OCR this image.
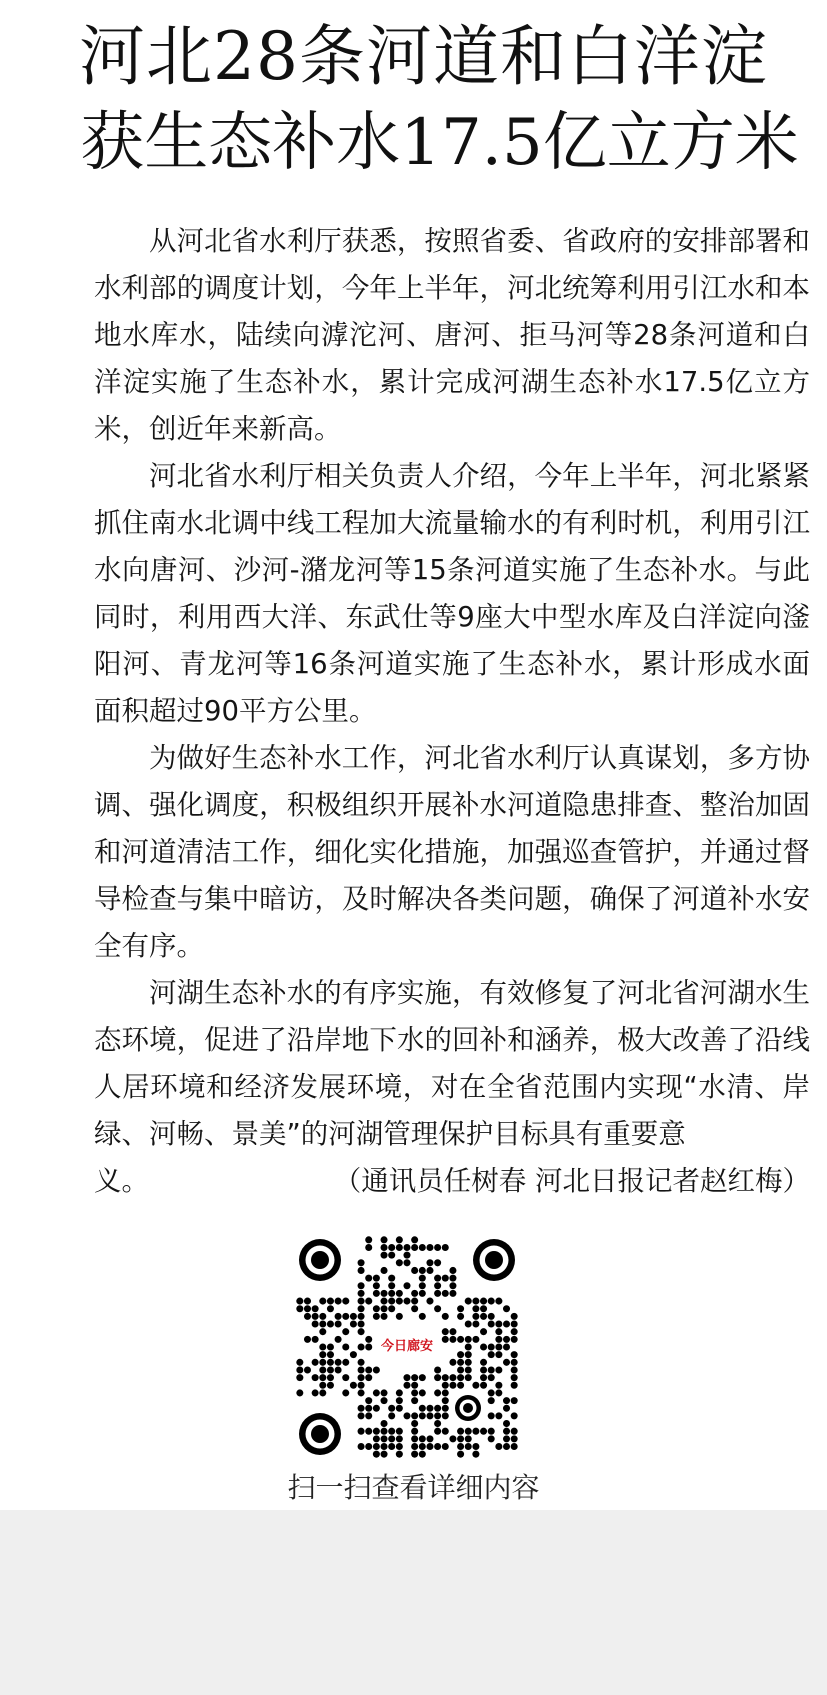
河北28条河道和白洋淀
获生态补水17.5亿立方米

从河北省水利厅获悉，按照省委、省政府的安排部署和水利部的调度计划，今年上半年，河北统筹利用引江水和本地水库水，陆续向滹沱河、唐河、拒马河等28条河道和白洋淀实施了生态补水，累计完成河湖生态补水17.5亿立方米，创近年来新高。

河北省水利厅相关负责人介绍，今年上半年，河北紧紧抓住南水北调中线工程加大流量输水的有利时机，利用引江水向唐河、沙河-潴龙河等15条河道实施了生态补水。与此同时，利用西大洋、东武仕等9座大中型水库及白洋淀向滏阳河、青龙河等16条河道实施了生态补水，累计形成水面面积超过90平方公里。

为做好生态补水工作，河北省水利厅认真谋划，多方协调、强化调度，积极组织开展补水河道隐患排查、整治加固和河道清洁工作，细化实化措施，加强巡查管护，并通过督导检查与集中暗访，及时解决各类问题，确保了河道补水安全有序。

河湖生态补水的有序实施，有效修复了河北省河湖水生态环境，促进了沿岸地下水的回补和涵养，极大改善了沿线人居环境和经济发展环境，对在全省范围内实现“水清、岸绿、河畅、景美”的河湖管理保护目标具有重要意

义。	（通讯员任树春 河北日报记者赵红梅）
今日廊安
扫一扫查看详细内容
